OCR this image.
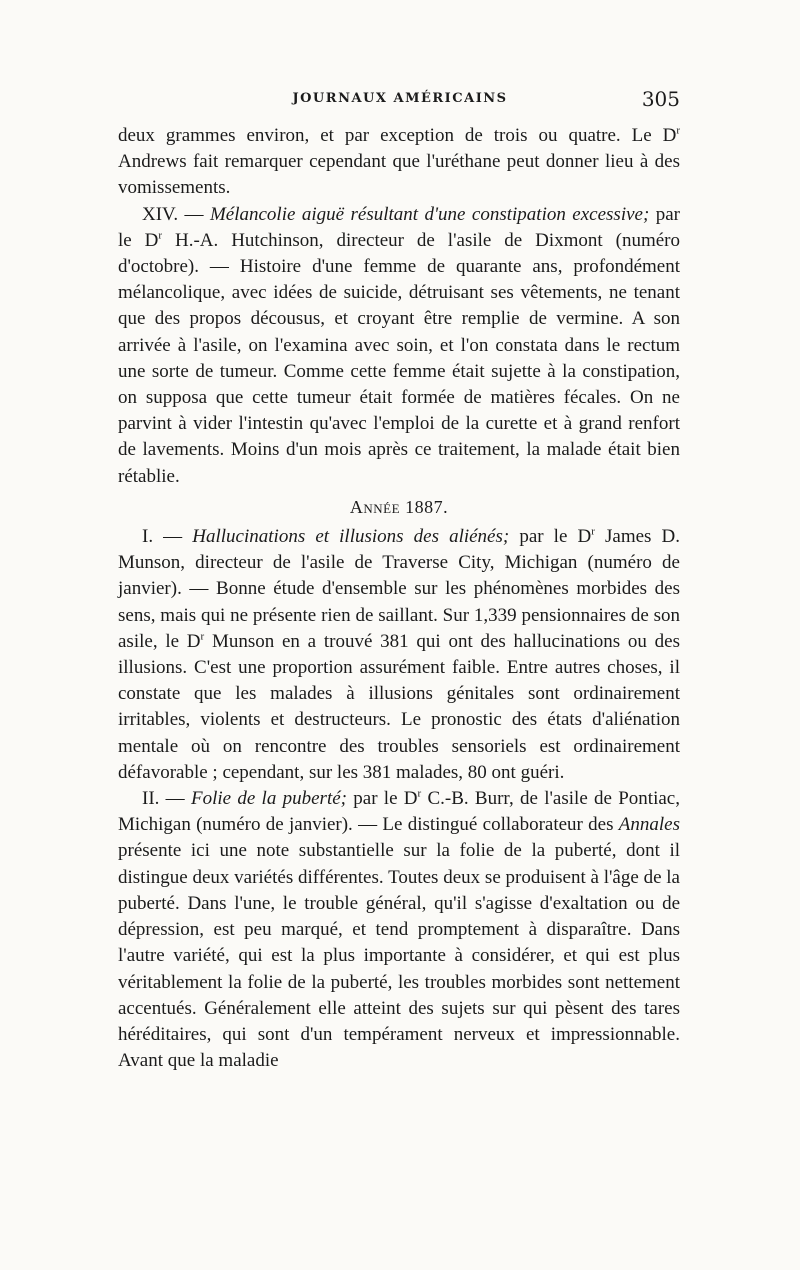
JOURNAUX AMÉRICAINS	305

deux grammes environ, et par exception de trois ou quatre. Le $D^r$ Andrews fait remarquer cependant que l'uréthane peut donner lieu à des vomissements.

XIV. — Mélancolie aiguë résultant d'une constipation excessive; par le $D^r$ H.-A. Hutchinson, directeur de l'asile de Dixmont (numéro d'octobre). — Histoire d'une femme de quarante ans, profondément mélancolique, avec idées de suicide, détruisant ses vêtements, ne tenant que des propos décousus, et croyant être remplie de vermine. A son arrivée à l'asile, on l'examina avec soin, et l'on constata dans le rectum une sorte de tumeur. Comme cette femme était sujette à la constipation, on supposa que cette tumeur était formée de matières fécales. On ne parvint à vider l'intestin qu'avec l'emploi de la curette et à grand renfort de lavements. Moins d'un mois après ce traitement, la malade était bien rétablie.

Année 1887.

I. — Hallucinations et illusions des aliénés; par le $D^r$ James D. Munson, directeur de l'asile de Traverse City, Michigan (numéro de janvier). — Bonne étude d'ensemble sur les phénomènes morbides des sens, mais qui ne présente rien de saillant. Sur 1,339 pensionnaires de son asile, le $D^r$ Munson en a trouvé 381 qui ont des hallucinations ou des illusions. C'est une proportion assurément faible. Entre autres choses, il constate que les malades à illusions génitales sont ordinairement irritables, violents et destructeurs. Le pronostic des états d'aliénation mentale où on rencontre des troubles sensoriels est ordinairement défavorable ; cependant, sur les 381 malades, 80 ont guéri.

II. — Folie de la puberté; par le $D^r$ C.-B. Burr, de l'asile de Pontiac, Michigan (numéro de janvier). — Le distingué collaborateur des Annales présente ici une note substantielle sur la folie de la puberté, dont il distingue deux variétés différentes. Toutes deux se produisent à l'âge de la puberté. Dans l'une, le trouble général, qu'il s'agisse d'exaltation ou de dépression, est peu marqué, et tend promptement à disparaître. Dans l'autre variété, qui est la plus importante à considérer, et qui est plus véritablement la folie de la puberté, les troubles morbides sont nettement accentués. Généralement elle atteint des sujets sur qui pèsent des tares héréditaires, qui sont d'un tempérament nerveux et impressionnable. Avant que la maladie
